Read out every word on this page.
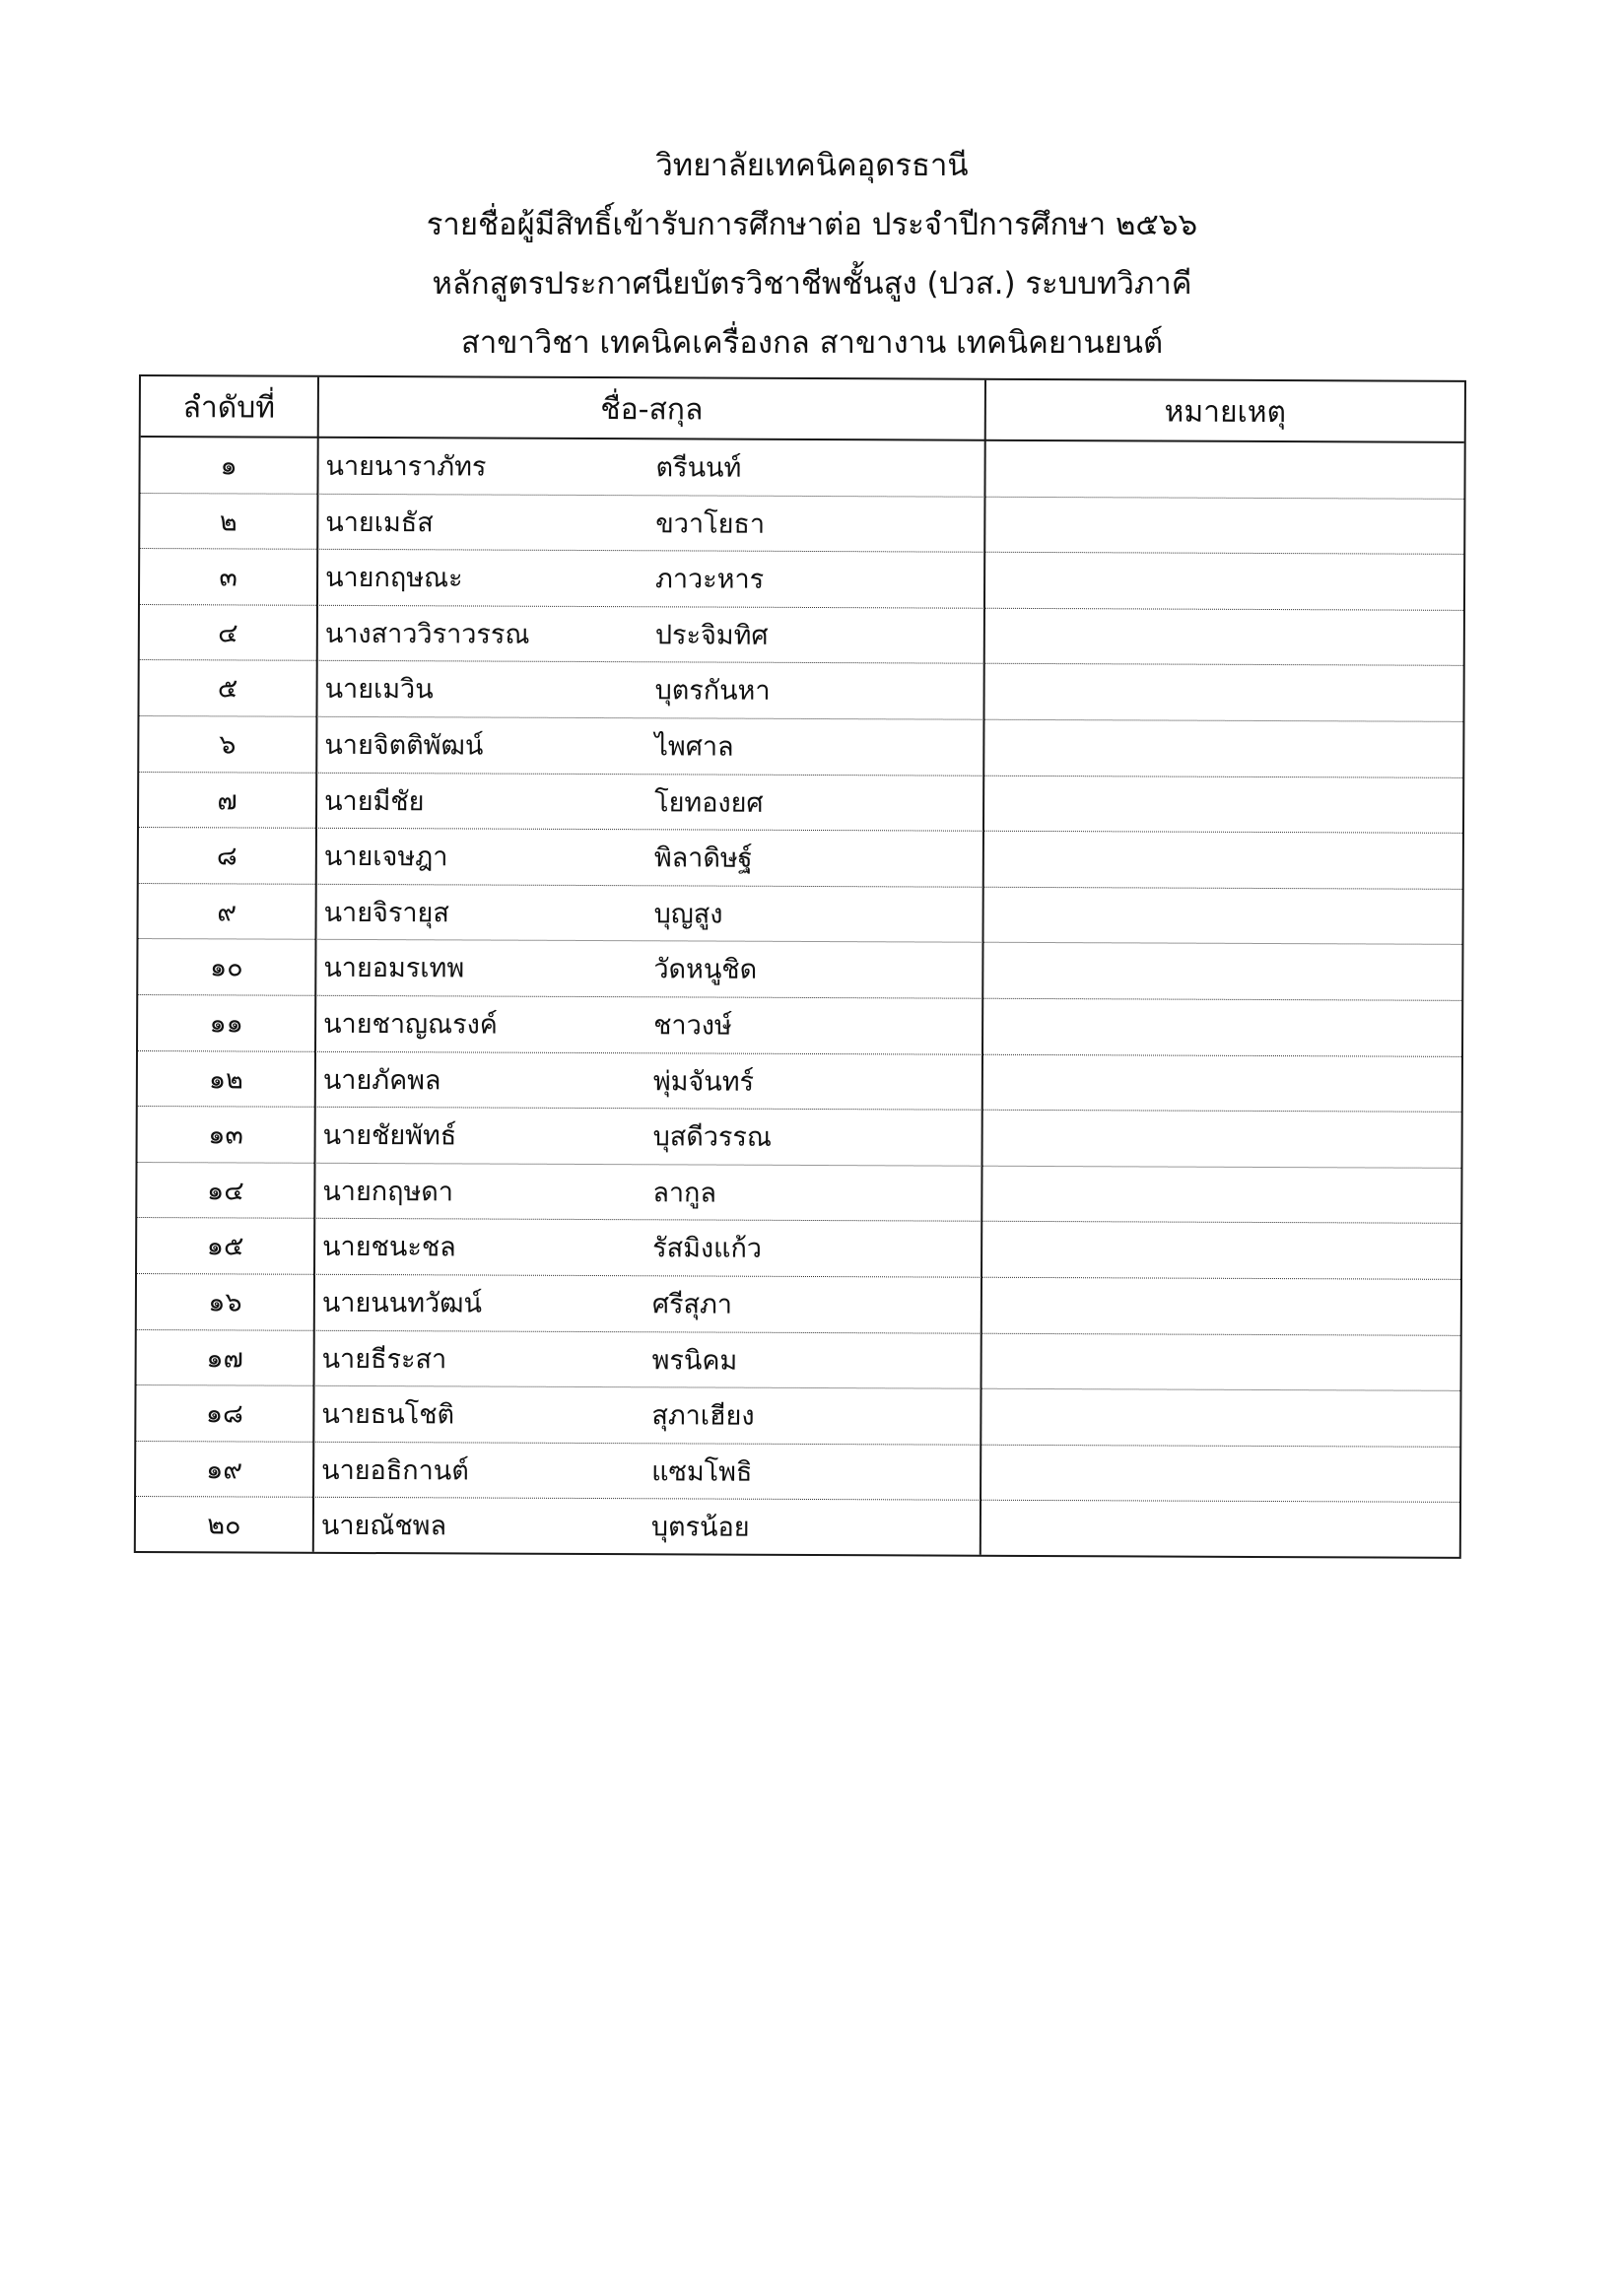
วิทยาลัยเทคนิคอุดรธานี
รายชื่อผู้มีสิทธิ์เข้ารับการศึกษาต่อ ประจำปีการศึกษา ๒๕๖๖
หลักสูตรประกาศนียบัตรวิชาชีพชั้นสูง (ปวส.) ระบบทวิภาคี
สาขาวิชา เทคนิคเครื่องกล สาขางาน เทคนิคยานยนต์
ลำดับที่	ชื่อ-สกุล	หมายเหตุ
๑	นายนาราภัทร	ตรีนนท์
๒	นายเมธัส	ขวาโยธา
๓	นายกฤษณะ	ภาวะหาร
๔	นางสาววิราวรรณ	ประจิมทิศ
๕	นายเมวิน	บุตรกันหา
๖	นายจิตติพัฒน์	ไพศาล
๗	นายมีชัย	โยทองยศ
๘	นายเจษฎา	พิลาดิษฐ์
๙	นายจิรายุส	บุญสูง
๑๐	นายอมรเทพ	วัดหนูชิด
๑๑	นายชาญณรงค์	ชาวงษ์
๑๒	นายภัคพล	พุ่มจันทร์
๑๓	นายชัยพัทธ์	บุสดีวรรณ
๑๔	นายกฤษดา	ลากูล
๑๕	นายชนะชล	รัสมิงแก้ว
๑๖	นายนนทวัฒน์	ศรีสุภา
๑๗	นายธีระสา	พรนิคม
๑๘	นายธนโชติ	สุภาเฮียง
๑๙	นายอธิกานต์	แซมโพธิ
๒๐	นายณัชพล	บุตรน้อย
